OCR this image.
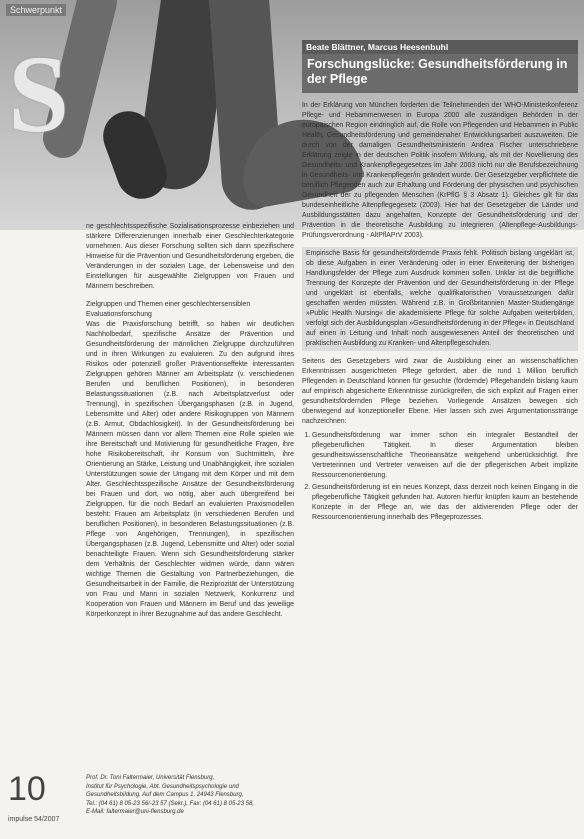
Schwerpunkt
S	Beate Blättner, Marcus Heesenbuhl
Forschungslücke: Gesundheitsförderung in der Pflege

In der Erklärung von München forderten die Teilnehmenden der WHO-Ministerkonferenz Pflege- und Hebammenwesen in Europa 2000 alle zuständigen Behörden in der europäischen Region eindringlich auf, die Rolle von Pflegenden und Hebammen in Public Health, Gesundheitsförderung und gemeindenaher Entwicklungsarbeit auszuweiten. Die durch von der damaligen Gesundheitsministerin Andrea Fischer unterschriebene Erklärung zeigte in der deutschen Politik insofern Wirkung, als mit der Novellierung des Gesundheits- und Krankenpflegegesetzes im Jahr 2003 nicht nur die Berufsbezeichnung in Gesundheits- und Krankenpfleger/in geändert wurde. Der Gesetzgeber verpflichtete die beruflich Pflegenden auch zur Erhaltung und Förderung der physischen und psychischen Gesundheit der zu pflegenden Menschen (KrPflG § 3 Absatz 1). Gleiches gilt für das bundeseinheitliche Altenpflegegesetz (2003). Hier hat der Gesetzgeber die Länder und Ausbildungsstätten dazu angehalten, Konzepte der Gesundheitsförderung und der Prävention in die theoretische Ausbildung zu integrieren (Altenpflege-Ausbildungs-Prüfungsverordnung - AltPflAPrV 2003).

Empirische Basis für gesundheitsfördernde Praxis fehlt. Politisch bislang ungeklärt ist, ob diese Aufgaben in einer Veränderung oder in einer Erweiterung der bisherigen Handlungsfelder der Pflege zum Ausdruck kommen sollen. Unklar ist die begriffliche Trennung der Konzepte der Prävention und der Gesundheitsförderung in der Pflege und ungeklärt ist ebenfalls, welche qualifikatorischen Voraussetzungen dafür geschaffen werden müssten. Während z.B. in Großbritannien Master-Studiengänge »Public Health Nursing« die akademisierte Pflege für solche Aufgaben weiterbilden, verfolgt sich der Ausbildungsplan »Gesundheitsförderung in der Pflege« in Deutschland auf einen in Leitung und Inhalt noch ausgewiesenen Anteil der theoretischen und praktischen Ausbildung zu Kranken- und Altenpflegeschulen.

Seitens des Gesetzgebers wird zwar die Ausbildung einer an wissenschaftlichen Erkenntnissen ausgerichteten Pflege gefordert, aber die rund 1 Million beruflich Pflegenden in Deutschland können für gesuchte (fördernde) Pflegehandeln bislang kaum auf empirisch abgesicherte Erkenntnisse zurückgreifen, die sich explizit auf Fragen einer gesundheitsfördernden Pflege beziehen. Vorliegende Ansätzen bewegen sich überwiegend auf konzeptioneller Ebene. Hier lassen sich zwei Argumentationsstränge nachzeichnen:

1. Gesundheitsförderung war immer schon ein integraler Bestandteil der pflegeberuflichen Tätigkeit. In dieser Argumentation bleiben gesundheitswissenschaftliche Theorieansätze weitgehend unberücksichtigt. Ihre Vertreterinnen und Vertreter verweisen auf die der pflegerischen Arbeit implizite Ressourcenorientierung.
2. Gesundheitsförderung ist ein neues Konzept, dass derzeit noch keinen Eingang in die pflegeberufliche Tätigkeit gefunden hat. Autoren hierfür knüpfen kaum an bestehende Konzepte in der Pflege an, wie das der aktivierenden Pflege oder der Ressourcenorientierung innerhalb des Pflegeprozesses.

ne geschlechtsspezifische Sozialisationsprozesse einbeziehen und stärkere Differenzierungen innerhalb einer Geschlechterkategorie vornehmen. Aus dieser Forschung sollten sich dann spezifischere Hinweise für die Prävention und Gesundheitsförderung ergeben, die Veränderungen in der sozialen Lage, der Lebensweise und den Einstellungen für ausgewählte Zielgruppen von Frauen und Männern beschreiben.

Zielgruppen und Themen einer geschlechtersensiblen Evaluationsforschung

Was die Praxisforschung betrifft, so haben wir deutlichen Nachholbedarf, spezifische Ansätze der Prävention und Gesundheitsförderung der männlichen Zielgruppe durchzuführen und in ihren Wirkungen zu evaluieren. Zu den aufgrund ihres Risikos oder potenziell großer Präventionseffekte interessanten Zielgruppen gehören Männer am Arbeitsplatz (v. verschiedenen Berufen und beruflichen Positionen), in besonderen Belastungssituationen (z.B. nach Arbeitsplatzverlust oder Trennung), in spezifischen Übergangsphasen (z.B. in Jugend, Lebensmitte und Alter) oder andere Risikogruppen von Männern (z.B. Armut, Obdachlosigkeit). In der Gesundheitsförderung bei Männern müssen dann vor allem Themen eine Rolle spielen wie ihre Bereitschaft und Motivierung für gesundheitliche Fragen, ihre hohe Risikobereitschaft, ihr Konsum von Suchtmitteln, ihre Orientierung an Stärke, Leistung und Unabhängigkeit, ihre sozialen Unterstützungen sowie der Umgang mit dem Körper und mit dem Alter. Geschlechtsspezifische Ansätze der Gesundheitsförderung bei Frauen und dort, wo nötig, aber auch übergreifend bei Zielgruppen, für die noch Bedarf an evaluierten Praxismodellen besteht: Frauen am Arbeitsplatz (in verschiedenen Berufen und beruflichen Positionen), in besonderen Belastungssituationen (z.B. Pflege von Angehörigen, Trennungen), in spezifischen Übergangsphasen (z.B. Jugend, Lebensmitte und Alter) oder sozial benachteiligte Frauen. Wenn sich Gesundheitsförderung stärker dem Verhältnis der Geschlechter widmen würde, dann wären wichtige Themen die Gestaltung von Partnerbeziehungen, die Gesundheitsarbeit in der Familie, die Reziprozität der Unterstützung von Frau und Mann in sozialen Netzwerk, Konkurrenz und Kooperation von Frauen und Männern im Beruf und das jeweilige Körperkonzept in ihrer Bezugnahme auf das andere Geschlecht.

Prof. Dr. Toni Faltermaier, Universität Flensburg,
Institut für Psychologie, Abt. Gesundheitspsychologie und
Gesundheitsbildung, Auf dem Campus 1, 24943 Flensburg,
Tel.: (04 61) 8 05-23 56/-23 57 (Sekr.), Fax: (04 61) 8 05-23 58,
E-Mail: faltermaier@uni-flensburg.de
10
impulse 54/2007
